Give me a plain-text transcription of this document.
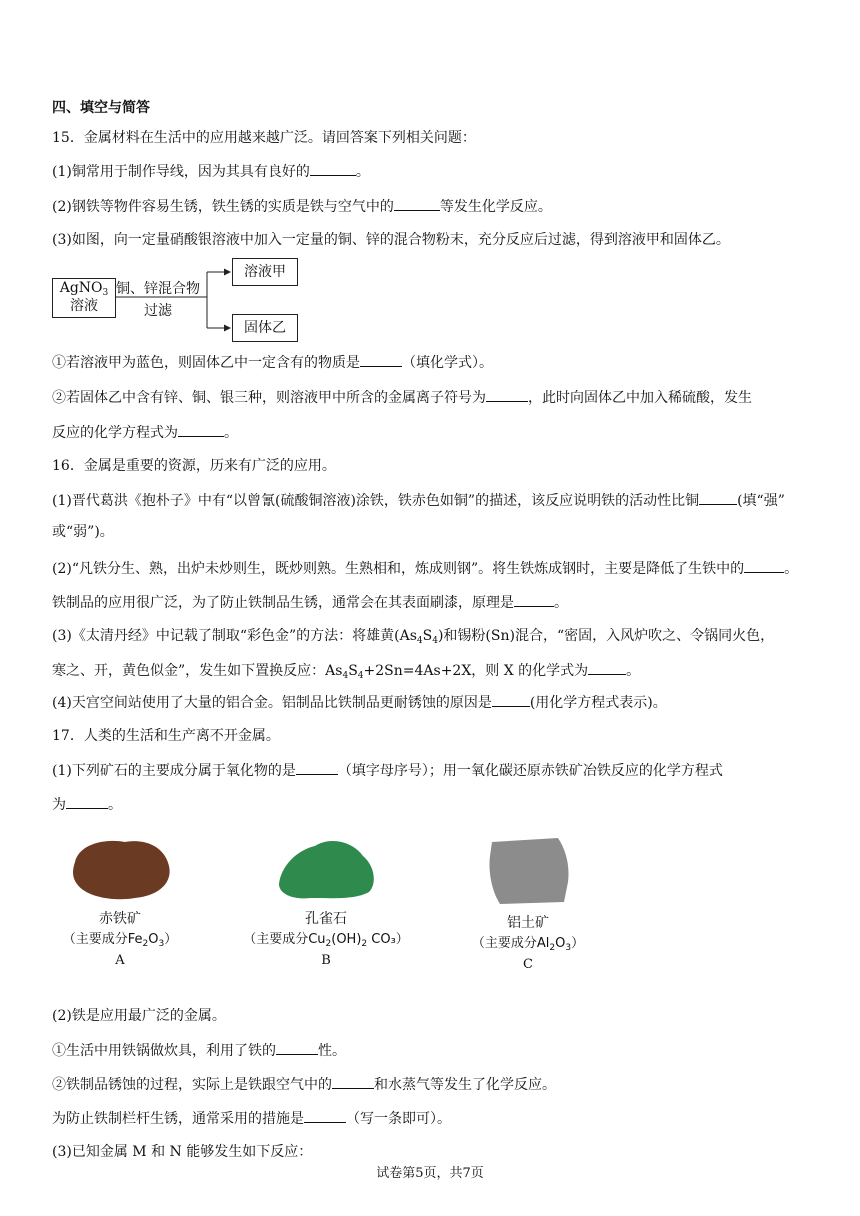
四、填空与简答
15．金属材料在生活中的应用越来越广泛。请回答案下列相关问题：
(1)铜常用于制作导线，因为其具有良好的	。
(2)钢铁等物件容易生锈，铁生锈的实质是铁与空气中的	等发生化学反应。
(3)如图，向一定量硝酸银溶液中加入一定量的铜、锌的混合物粉末，充分反应后过滤，得到溶液甲和固体乙。
AgNO$_3$
溶液
铜、锌混合物
过滤
溶液甲
固体乙
①若溶液甲为蓝色，则固体乙中一定含有的物质是	（填化学式）。
②若固体乙中含有锌、铜、银三种，则溶液甲中所含的金属离子符号为	，此时向固体乙中加入稀硫酸，发生
反应的化学方程式为	。
16．金属是重要的资源，历来有广泛的应用。
(1)晋代葛洪《抱朴子》中有“以曾氰(硫酸铜溶液)涂铁，铁赤色如铜”的描述，该反应说明铁的活动性比铜	(填“强”
或“弱”)。
(2)“凡铁分生、熟，出炉未炒则生，既炒则熟。生熟相和，炼成则钢”。将生铁炼成钢时，主要是降低了生铁中的	。
铁制品的应用很广泛，为了防止铁制品生锈，通常会在其表面刷漆，原理是	。
(3)《太清丹经》中记载了制取“彩色金”的方法：将雄黄$(As_4S_4)$和锡粉(Sn)混合，“密固，入风炉吹之、令锅同火色，
寒之、开，黄色似金”，发生如下置换反应：$As_4S_4+2Sn=4As+2X$，则 X 的化学式为	。
(4)天宫空间站使用了大量的铝合金。铝制品比铁制品更耐锈蚀的原因是	(用化学方程式表示)。
17．人类的生活和生产离不开金属。
(1)下列矿石的主要成分属于氧化物的是	（填字母序号）；用一氧化碳还原赤铁矿冶铁反应的化学方程式
为	。
赤铁矿
（主要成分$Fe_2O_3$）
A
孔雀石
（主要成分$Cu_2(OH)_2$ CO₃）
B
铝土矿
（主要成分$Al_2O_3$）
C
(2)铁是应用最广泛的金属。
①生活中用铁锅做炊具，利用了铁的	性。
②铁制品锈蚀的过程，实际上是铁跟空气中的	和水蒸气等发生了化学反应。
为防止铁制栏杆生锈，通常采用的措施是	（写一条即可）。
(3)已知金属 M 和 N 能够发生如下反应：
试卷第5页，共7页
